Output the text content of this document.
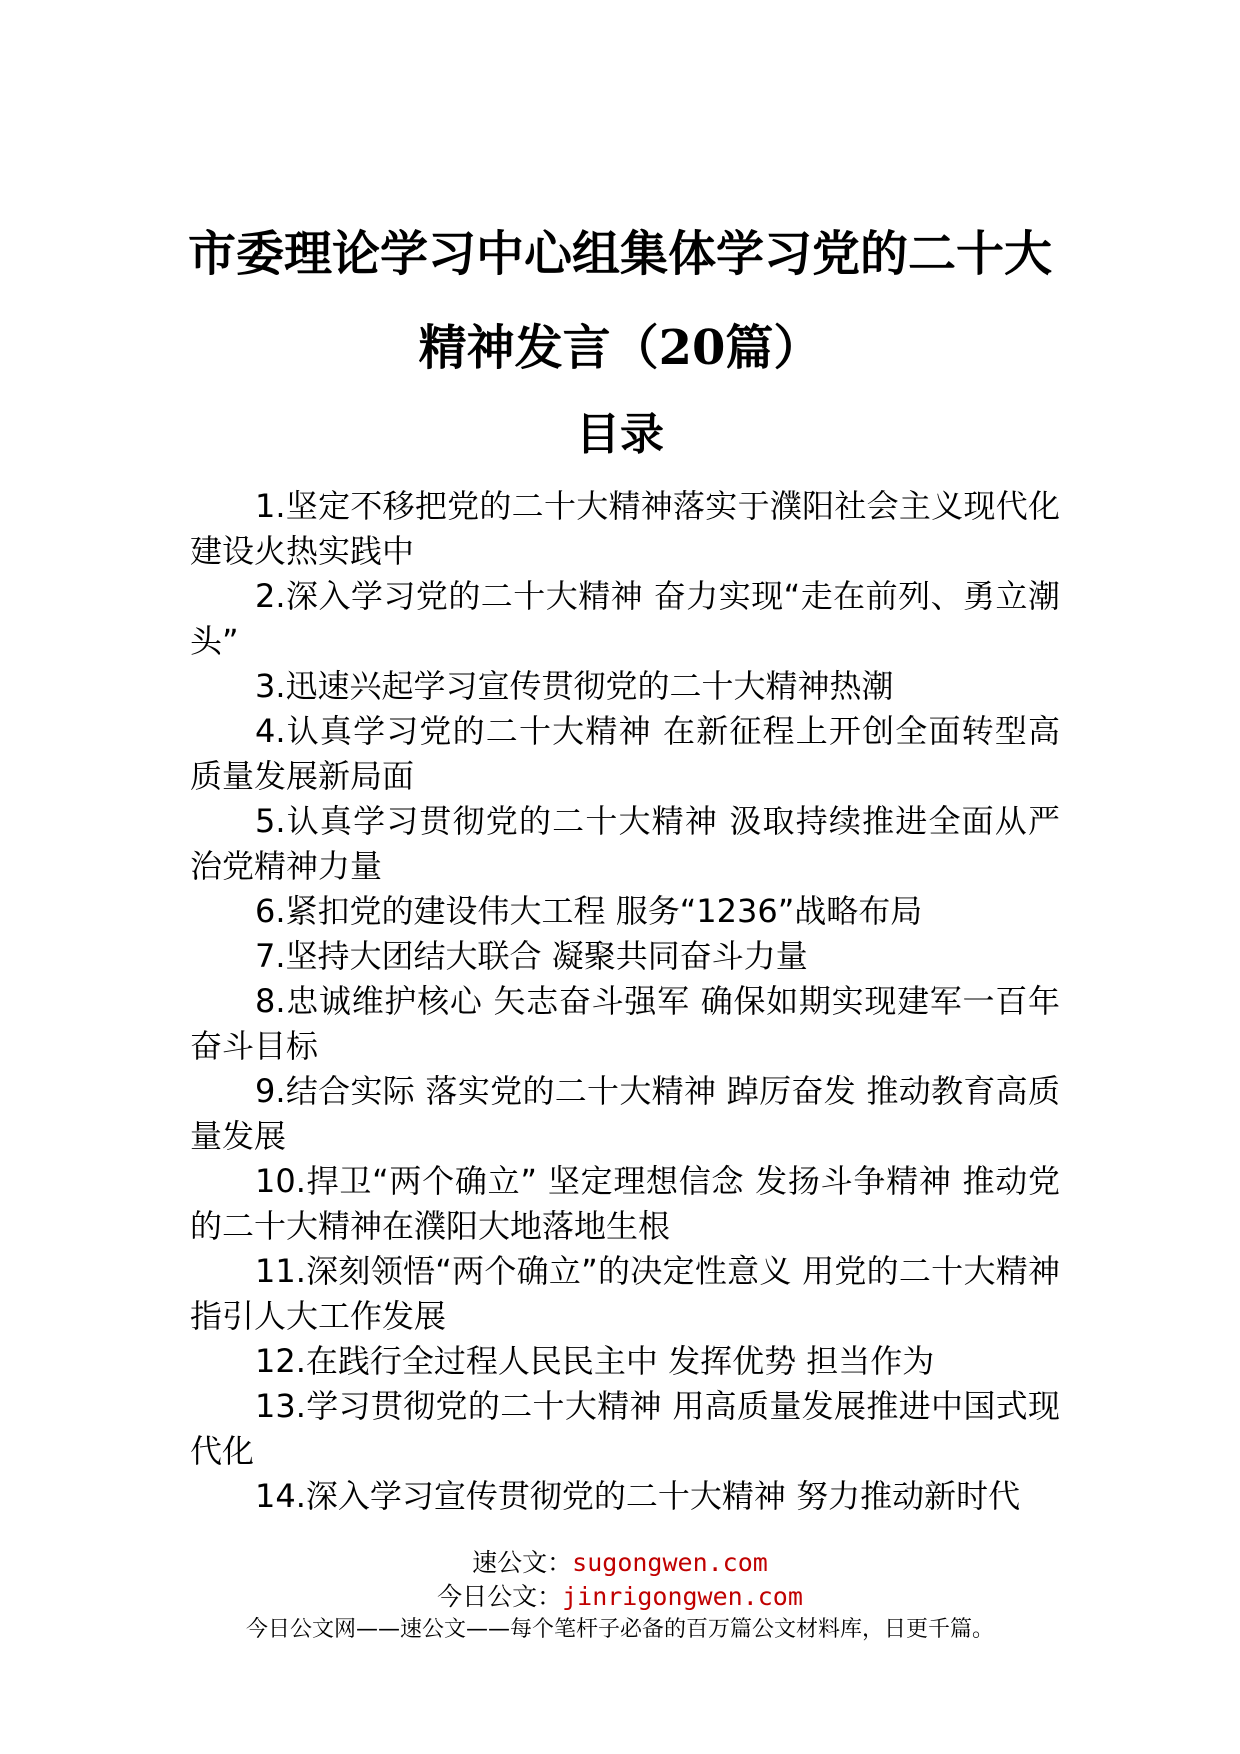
市委理论学习中心组集体学习党的二十大
精神发言（20篇）
目录
1.坚定不移把党的二十大精神落实于濮阳社会主义现代化建设火热实践中
2.深入学习党的二十大精神 奋力实现“走在前列、勇立潮头”
3.迅速兴起学习宣传贯彻党的二十大精神热潮
4.认真学习党的二十大精神 在新征程上开创全面转型高质量发展新局面
5.认真学习贯彻党的二十大精神 汲取持续推进全面从严治党精神力量
6.紧扣党的建设伟大工程 服务“1236”战略布局
7.坚持大团结大联合 凝聚共同奋斗力量
8.忠诚维护核心 矢志奋斗强军 确保如期实现建军一百年奋斗目标
9.结合实际 落实党的二十大精神 踔厉奋发 推动教育高质量发展
10.捍卫“两个确立” 坚定理想信念 发扬斗争精神 推动党的二十大精神在濮阳大地落地生根
11.深刻领悟“两个确立”的决定性意义 用党的二十大精神指引人大工作发展
12.在践行全过程人民民主中 发挥优势 担当作为
13.学习贯彻党的二十大精神 用高质量发展推进中国式现代化
14.深入学习宣传贯彻党的二十大精神 努力推动新时代
速公文：sugongwen.com
今日公文：jinrigongwen.com
今日公文网——速公文——每个笔杆子必备的百万篇公文材料库，日更千篇。
